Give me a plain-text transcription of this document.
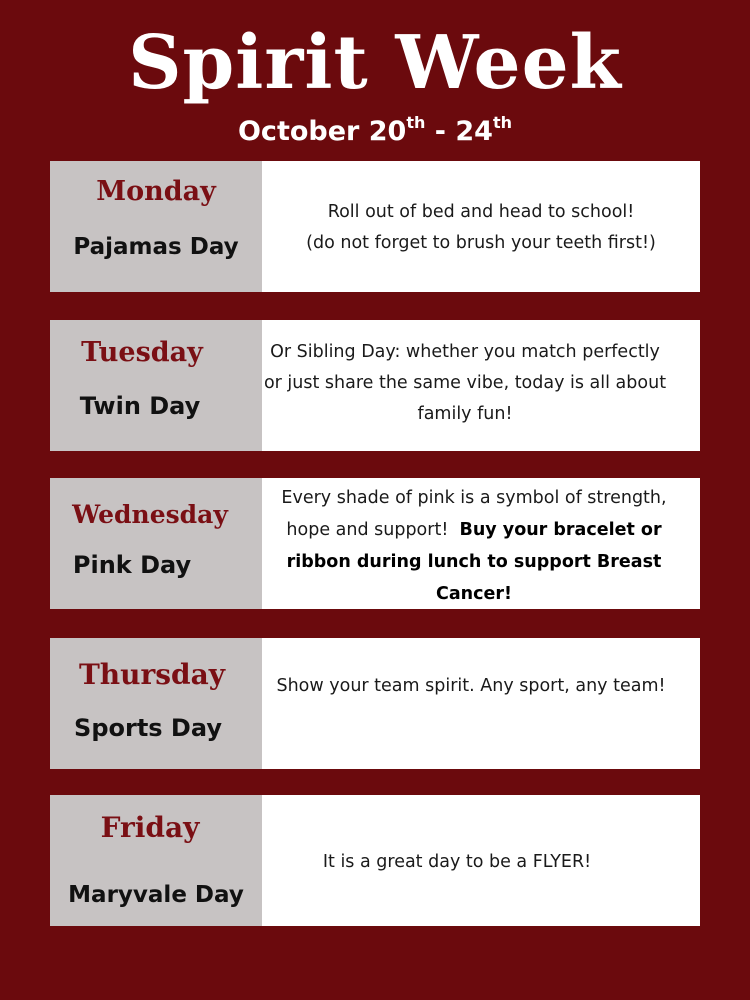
Spirit Week
October 20th - 24th
Monday
Pajamas Day
Roll out of bed and head to school!
(do not forget to brush your teeth first!)
Tuesday
Twin Day
Or Sibling Day: whether you match perfectly or just share the same vibe, today is all about family fun!
Wednesday
Pink Day
Every shade of pink is a symbol of strength, hope and support! Buy your bracelet or ribbon during lunch to support Breast Cancer!
Thursday
Sports Day
Show your team spirit. Any sport, any team!
Friday
Maryvale Day
It is a great day to be a FLYER!
